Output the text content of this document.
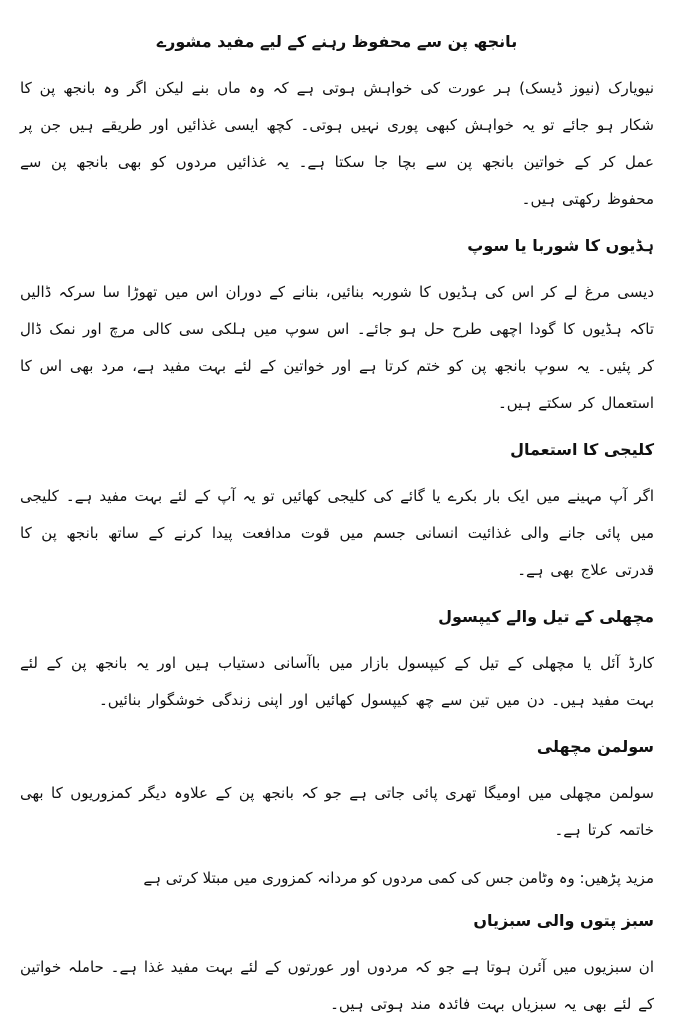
بانجھ پن سے محفوظ رہنے کے لیے مفید مشورے
نیویارک (نیوز ڈیسک) ہر عورت کی خواہش ہوتی ہے کہ وہ ماں بنے لیکن اگر وہ بانجھ پن کا شکار ہو جائے تو یہ خواہش کبھی پوری نہیں ہوتی۔ کچھ ایسی غذائیں اور طریقے ہیں جن پر عمل کر کے خواتین بانجھ پن سے بچا جا سکتا ہے۔ یہ غذائیں مردوں کو بھی بانجھ پن سے محفوظ رکھتی ہیں۔
ہڈیوں کا شوربا یا سوپ
دیسی مرغ لے کر اس کی ہڈیوں کا شوربہ بنائیں، بنانے کے دوران اس میں تھوڑا سا سرکہ ڈالیں تاکہ ہڈیوں کا گودا اچھی طرح حل ہو جائے۔ اس سوپ میں ہلکی سی کالی مرچ اور نمک ڈال کر پئیں۔ یہ سوپ بانجھ پن کو ختم کرتا ہے اور خواتین کے لئے بہت مفید ہے، مرد بھی اس کا استعمال کر سکتے ہیں۔
کلیجی کا استعمال
اگر آپ مہینے میں ایک بار بکرے یا گائے کی کلیجی کھائیں تو یہ آپ کے لئے بہت مفید ہے۔ کلیجی میں پائی جانے والی غذائیت انسانی جسم میں قوت مدافعت پیدا کرنے کے ساتھ بانجھ پن کا قدرتی علاج بھی ہے۔
مچھلی کے تیل والے کیپسول
کارڈ آئل یا مچھلی کے تیل کے کیپسول بازار میں باآسانی دستیاب ہیں اور یہ بانجھ پن کے لئے بہت مفید ہیں۔ دن میں تین سے چھ کیپسول کھائیں اور اپنی زندگی خوشگوار بنائیں۔
سولمن مچھلی
سولمن مچھلی میں اومیگا تھری پائی جاتی ہے جو کہ بانجھ پن کے علاوہ دیگر کمزوریوں کا بھی خاتمہ کرتا ہے۔
مزید پڑھیں: وہ وٹامن جس کی کمی مردوں کو مردانہ کمزوری میں مبتلا کرتی ہے
سبز پتوں والی سبزیاں
ان سبزیوں میں آئرن ہوتا ہے جو کہ مردوں اور عورتوں کے لئے بہت مفید غذا ہے۔ حاملہ خواتین کے لئے بھی یہ سبزیاں بہت فائدہ مند ہوتی ہیں۔
